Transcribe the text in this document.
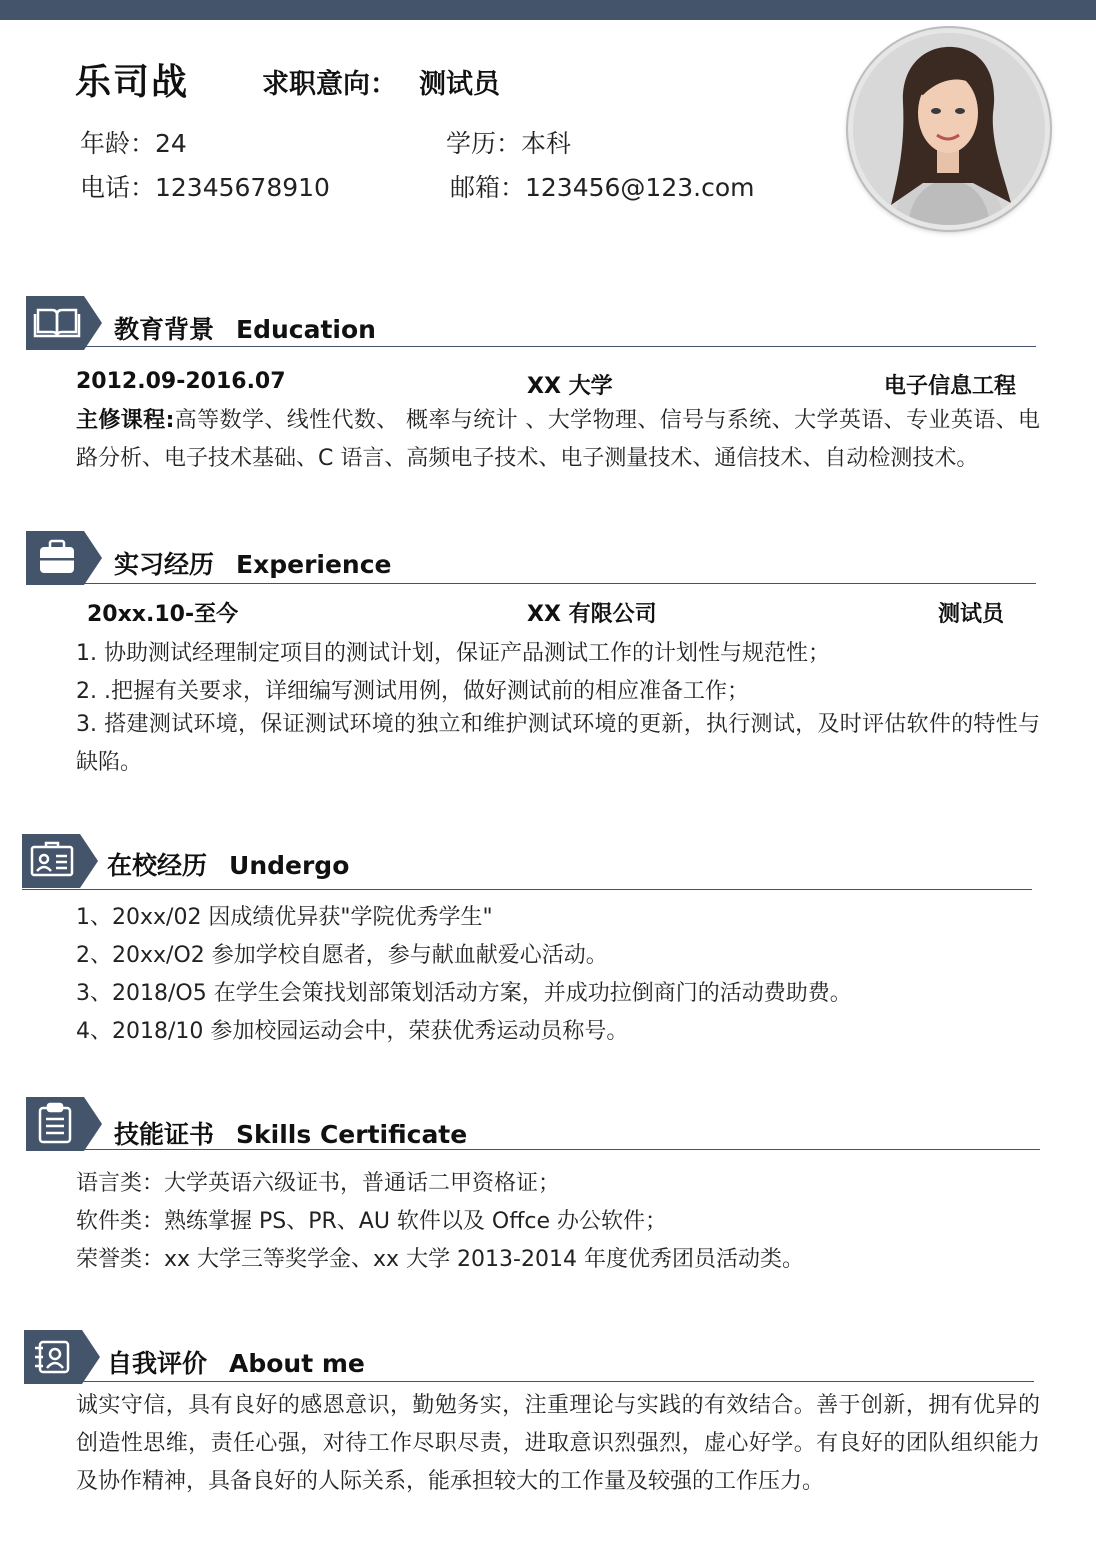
乐司战	求职意向： 测试员
年龄：24	学历：本科
电话：12345678910	邮箱：123456@123.com
教育背景 Education
2012.09-2016.07	XX 大学	电子信息工程
主修课程:高等数学、线性代数、 概率与统计 、大学物理、信号与系统、大学英语、专业英语、电路分析、电子技术基础、C 语言、高频电子技术、电子测量技术、通信技术、自动检测技术。
实习经历 Experience
20xx.10-至今	XX 有限公司	测试员
1. 协助测试经理制定项目的测试计划，保证产品测试工作的计划性与规范性；
2. .把握有关要求，详细编写测试用例，做好测试前的相应准备工作；
3. 搭建测试环境，保证测试环境的独立和维护测试环境的更新，执行测试，及时评估软件的特性与缺陷。
在校经历 Undergo
1、20xx/02 因成绩优异获"学院优秀学生"
2、20xx/O2 参加学校自愿者，参与献血献爱心活动。
3、2018/O5 在学生会策找划部策划活动方案，并成功拉倒商门的活动费助费。
4、2018/10 参加校园运动会中，荣获优秀运动员称号。
技能证书 Skills Certificate
语言类：大学英语六级证书，普通话二甲资格证；
软件类：熟练掌握 PS、PR、AU 软件以及 Offce 办公软件；
荣誉类：xx 大学三等奖学金、xx 大学 2013-2014 年度优秀团员活动类。
自我评价 About me
诚实守信，具有良好的感恩意识，勤勉务实，注重理论与实践的有效结合。善于创新，拥有优异的创造性思维，责任心强，对待工作尽职尽责，进取意识烈强烈，虚心好学。有良好的团队组织能力及协作精神，具备良好的人际关系，能承担较大的工作量及较强的工作压力。
